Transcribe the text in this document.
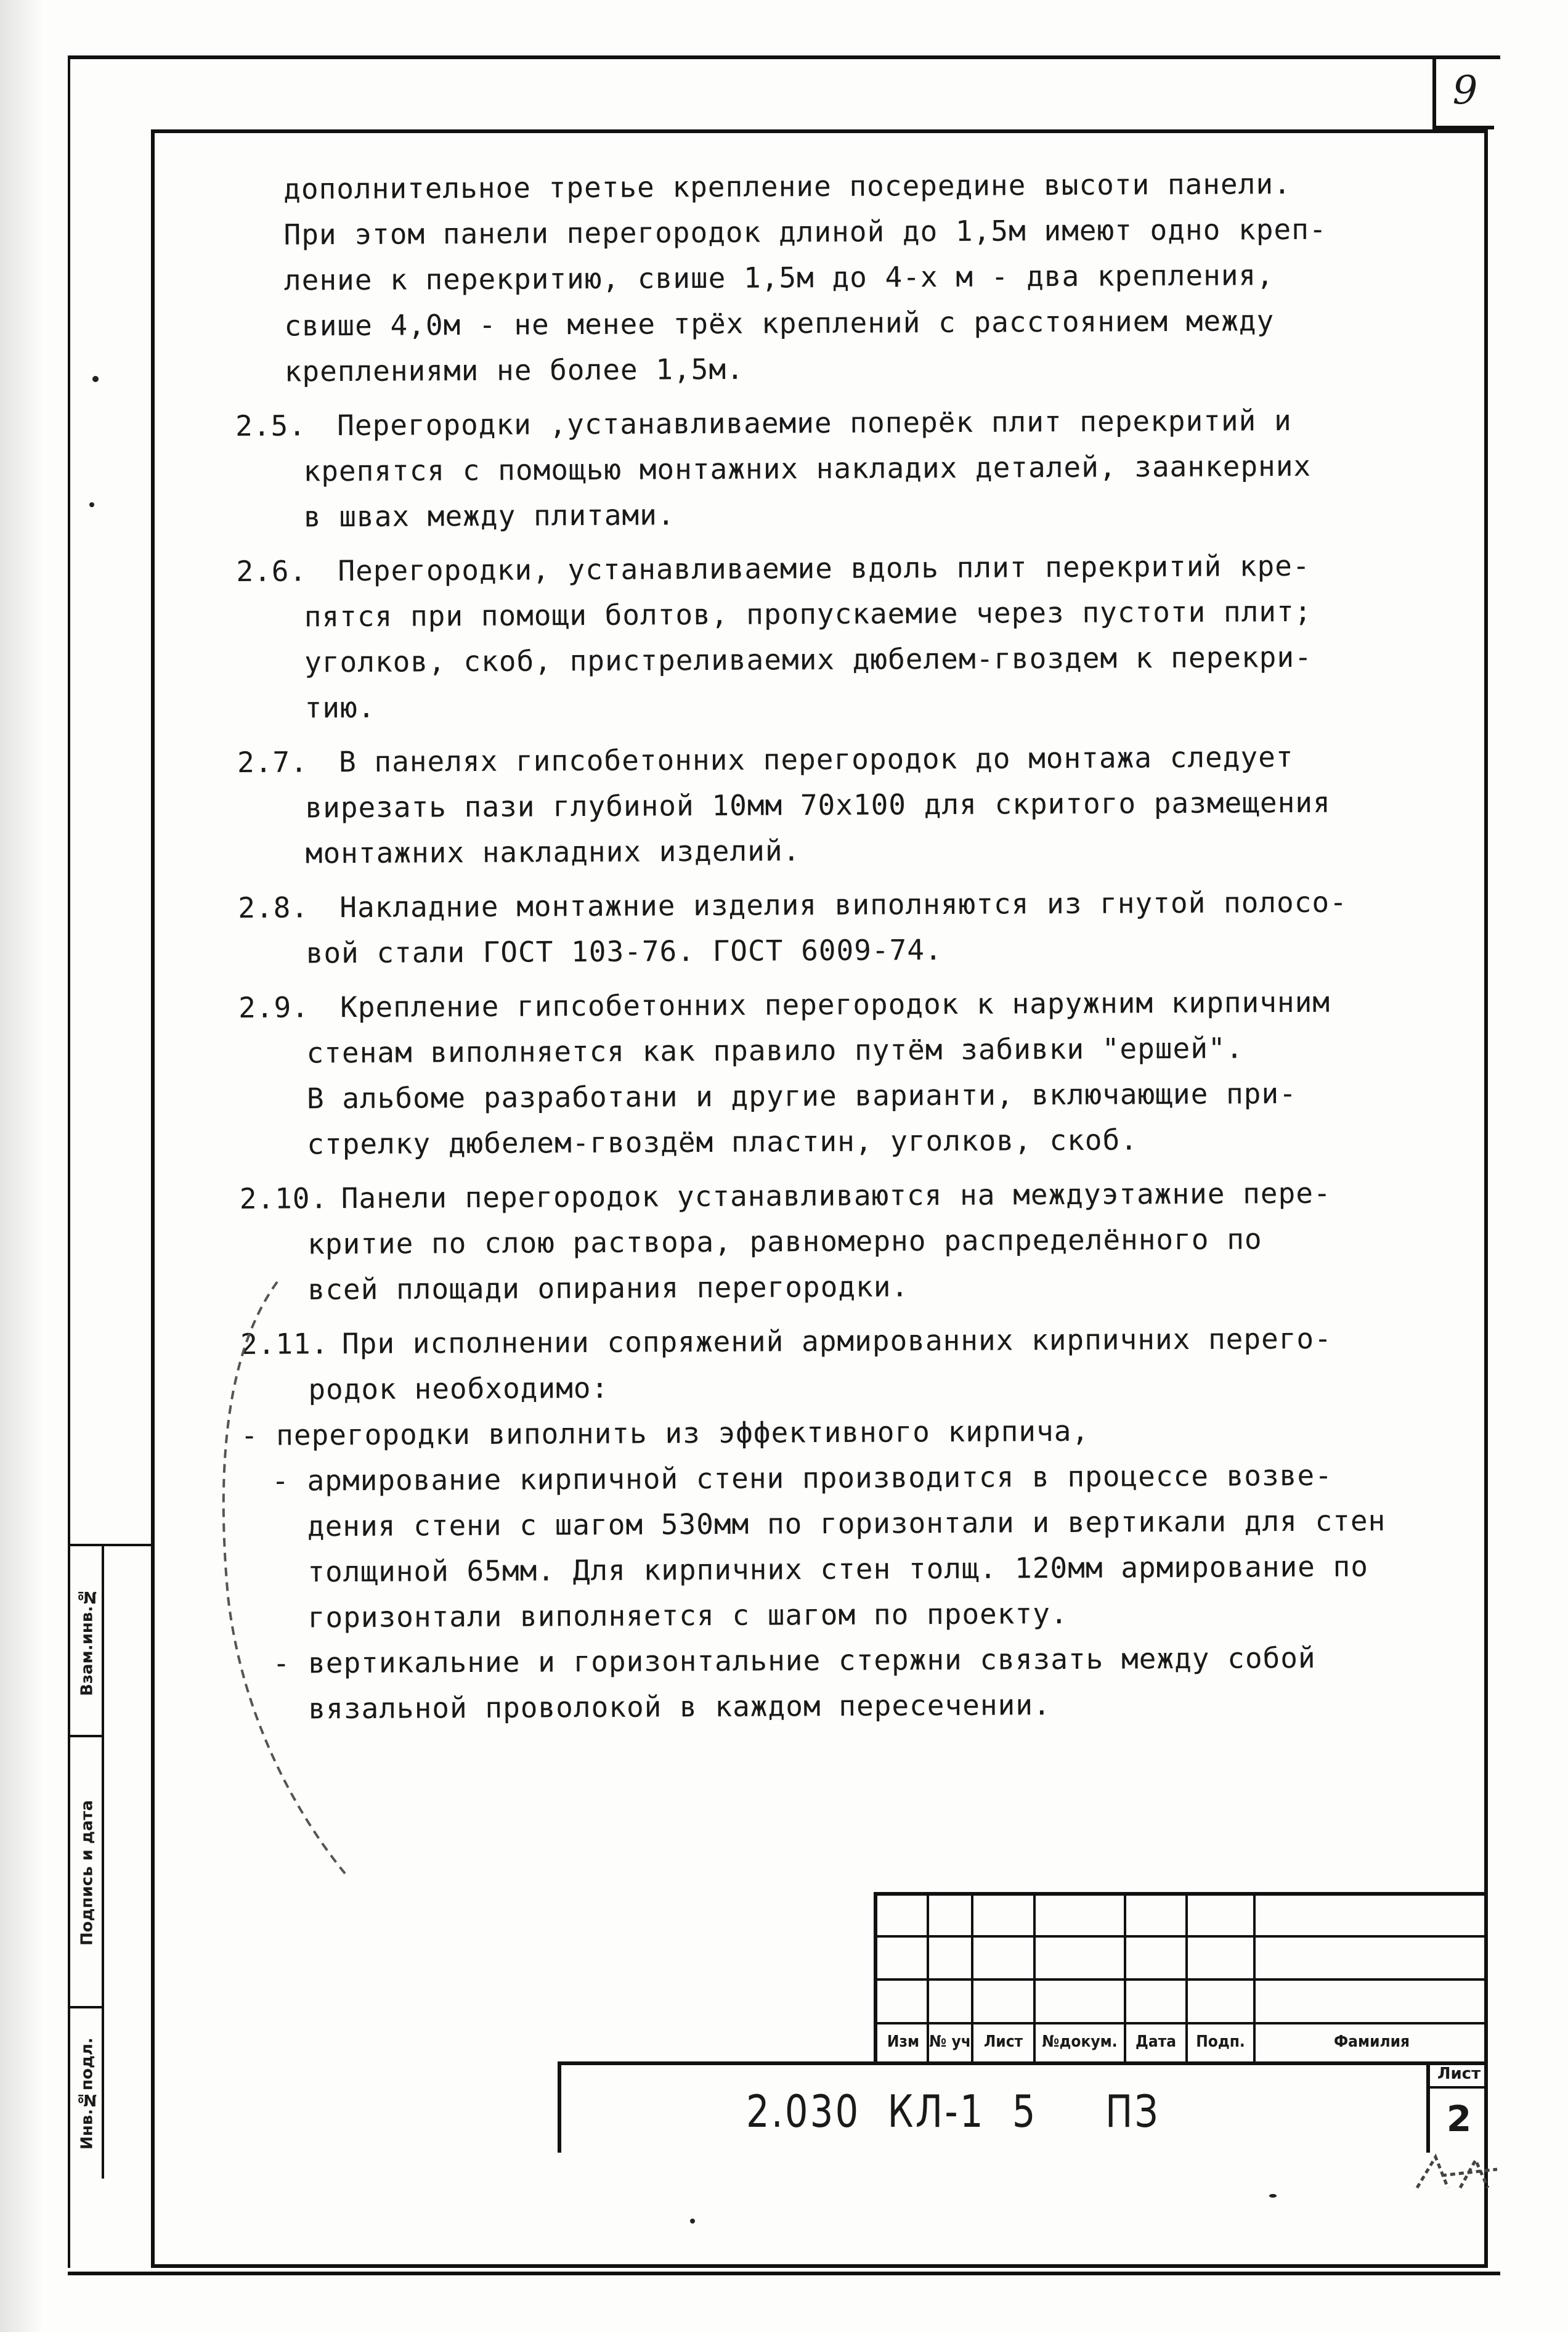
9
Инв.№подл.
Подпись и дата
Взам.инв.№
дополнительное третье крепление посередине высоти панели.
При этом панели перегородок длиной до 1,5м имеют одно креп-
ление к перекритию, свише 1,5м до 4-х м - два крепления,
свише 4,0м - не менее трёх креплений с расстоянием между
креплениями не более 1,5м.
2.5.	Перегородки ,устанавливаемие поперёк плит перекритий и
крепятся с помощью монтажних накладих деталей, заанкерних
в швах между плитами.
2.6.	Перегородки, устанавливаемие вдоль плит перекритий кре-
пятся при помощи болтов, пропускаемие через пустоти плит;
уголков, скоб, пристреливаемих дюбелем-гвоздем к перекри-
тию.
2.7.	В панелях гипсобетонних перегородок до монтажа следует
вирезать пази глубиной 10мм 70х100 для скритого размещения
монтажних накладних изделий.
2.8.	Накладние монтажние изделия виполняются из гнутой полосо-
вой стали ГОСТ 103-76. ГОСТ 6009-74.
2.9.	Крепление гипсобетонних перегородок к наружним кирпичним
стенам виполняется как правило путём забивки "ершей".
В альбоме разработани и другие варианти, включающие при-
стрелку дюбелем-гвоздём пластин, уголков, скоб.
2.10. Панели перегородок устанавливаются на междуэтажние пере-
критие по слою раствора, равномерно распределённого по
всей площади опирания перегородки.
2.11. При исполнении сопряжений армированних кирпичних перего-
родок необходимо:
- перегородки виполнить из эффективного кирпича,
- армирование кирпичной стени производится в процессе возве-
дения стени с шагом 530мм по горизонтали и вертикали для стен
толщиной 65мм. Для кирпичних стен толщ. 120мм армирование по
горизонтали виполняется с шагом по проекту.
- вертикальние и горизонтальние стержни связать между собой
вязальной проволокой в каждом пересечении.
Изм № уч Лист	№докум.	Дата	Подп.	Фамилия
2.030  КЛ-1  5     ПЗ
Лист
2
